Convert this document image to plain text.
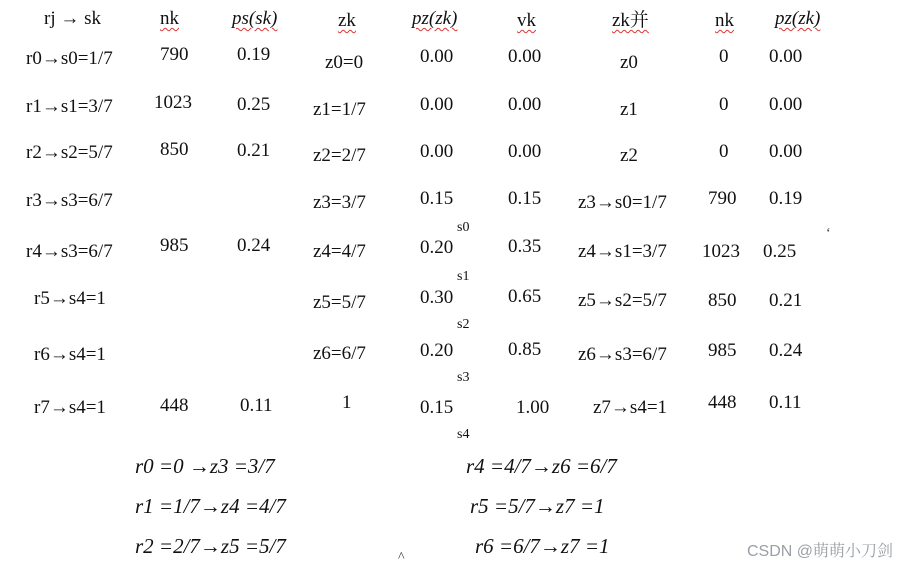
rj → sk	nk	ps(sk)	zk	pz(zk)	vk	zk并	nk pz(zk)
r0→s0=1/7 790	0.19	z0=0	0.00	0.00	z0	0 0.00
r1→s1=3/7 1023 0.25 z1=1/7	0.00	0.00	z1	0 0.00
r2→s2=5/7 850	0.21 z2=2/7	0.00	0.00	z2	0 0.00
r3→s3=6/7	z3=3/7	0.15	0.15 z3→s0=1/7 790 0.19
s0
r4→s3=6/7 985	0.24 z4=4/7	0.20	0.35 z4→s1=3/7 1023 0.25
s1
r5→s4=1	z5=5/7	0.30	0.65 z5→s2=5/7 850 0.21
s2
r6→s4=1	z6=6/7	0.20	0.85 z6→s3=6/7 985 0.24
s3
r7→s4=1	448	0.11	1	0.15	1.00 z7→s4=1 448 0.11
s4
r0 =0 →z3 =3/7	r4 =4/7→z6 =6/7
r1 =1/7→z4 =4/7	r5 =5/7→z7 =1
r2 =2/7→z5 =5/7	r6 =6/7→z7 =1
‘
^	CSDN @萌萌小刀剑
